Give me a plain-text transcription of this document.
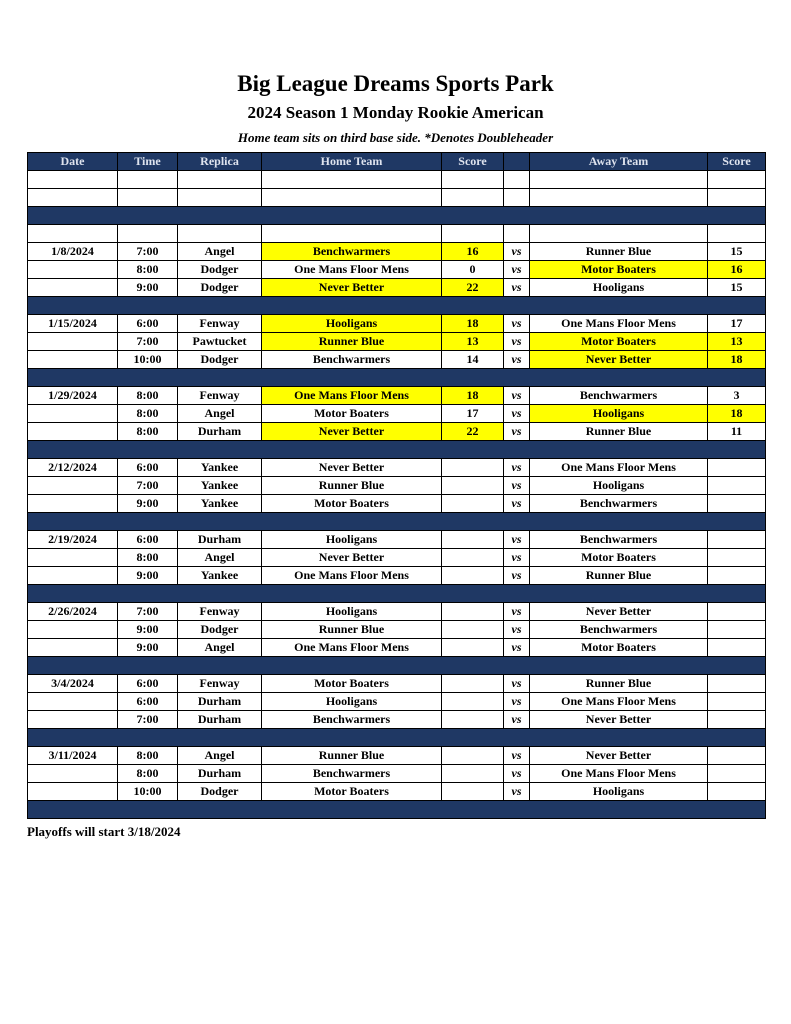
Big League Dreams Sports Park
2024 Season 1 Monday Rookie American
Home team sits on third base side. *Denotes Doubleheader
Date	Time	Replica	Home Team	Score		Away Team	Score

1/8/2024	7:00	Angel	Benchwarmers	16	vs	Runner Blue	15
	8:00	Dodger	One Mans Floor Mens	0	vs	Motor Boaters	16
	9:00	Dodger	Never Better	22	vs	Hooligans	15

1/15/2024	6:00	Fenway	Hooligans	18	vs	One Mans Floor Mens	17
	7:00	Pawtucket	Runner Blue	13	vs	Motor Boaters	13
	10:00	Dodger	Benchwarmers	14	vs	Never Better	18

1/29/2024	8:00	Fenway	One Mans Floor Mens	18	vs	Benchwarmers	3
	8:00	Angel	Motor Boaters	17	vs	Hooligans	18
	8:00	Durham	Never Better	22	vs	Runner Blue	11

2/12/2024	6:00	Yankee	Never Better		vs	One Mans Floor Mens	
	7:00	Yankee	Runner Blue		vs	Hooligans	
	9:00	Yankee	Motor Boaters		vs	Benchwarmers	

2/19/2024	6:00	Durham	Hooligans		vs	Benchwarmers	
	8:00	Angel	Never Better		vs	Motor Boaters	
	9:00	Yankee	One Mans Floor Mens		vs	Runner Blue	

2/26/2024	7:00	Fenway	Hooligans		vs	Never Better	
	9:00	Dodger	Runner Blue		vs	Benchwarmers	
	9:00	Angel	One Mans Floor Mens		vs	Motor Boaters	

3/4/2024	6:00	Fenway	Motor Boaters		vs	Runner Blue	
	6:00	Durham	Hooligans		vs	One Mans Floor Mens	
	7:00	Durham	Benchwarmers		vs	Never Better	

3/11/2024	8:00	Angel	Runner Blue		vs	Never Better	
	8:00	Durham	Benchwarmers		vs	One Mans Floor Mens	
	10:00	Dodger	Motor Boaters		vs	Hooligans	

Playoffs will start 3/18/2024
